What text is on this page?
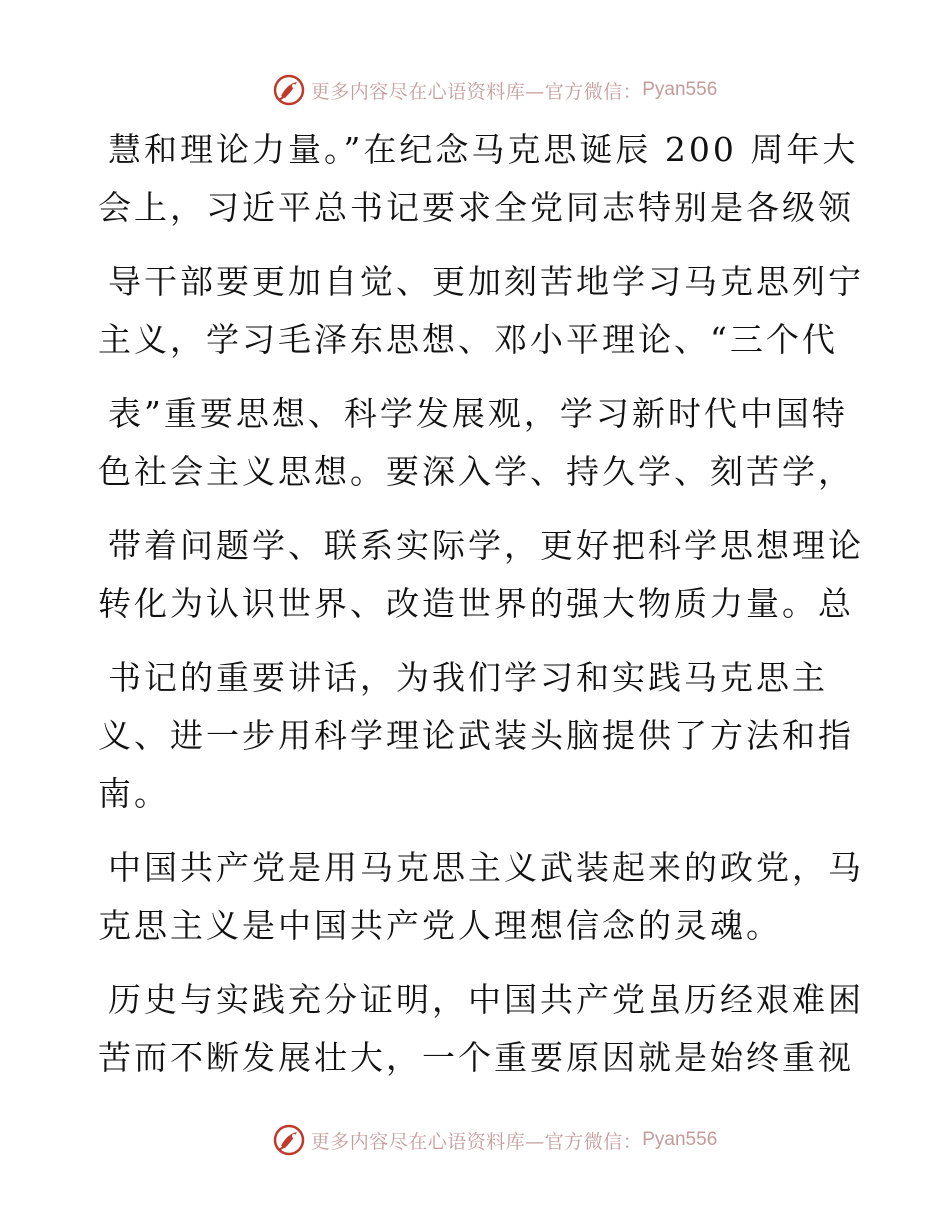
更多内容尽在心语资料库—官方微信： Pyan556
慧和理论力量。”在纪念马克思诞辰 200 周年大
会上，习近平总书记要求全党同志特别是各级领
导干部要更加自觉、更加刻苦地学习马克思列宁
主义，学习毛泽东思想、邓小平理论、“三个代
表”重要思想、科学发展观，学习新时代中国特
色社会主义思想。要深入学、持久学、刻苦学，
带着问题学、联系实际学，更好把科学思想理论
转化为认识世界、改造世界的强大物质力量。总
书记的重要讲话，为我们学习和实践马克思主
义、进一步用科学理论武装头脑提供了方法和指
南。
中国共产党是用马克思主义武装起来的政党，马
克思主义是中国共产党人理想信念的灵魂。
历史与实践充分证明，中国共产党虽历经艰难困
苦而不断发展壮大，一个重要原因就是始终重视
更多内容尽在心语资料库—官方微信： Pyan556
